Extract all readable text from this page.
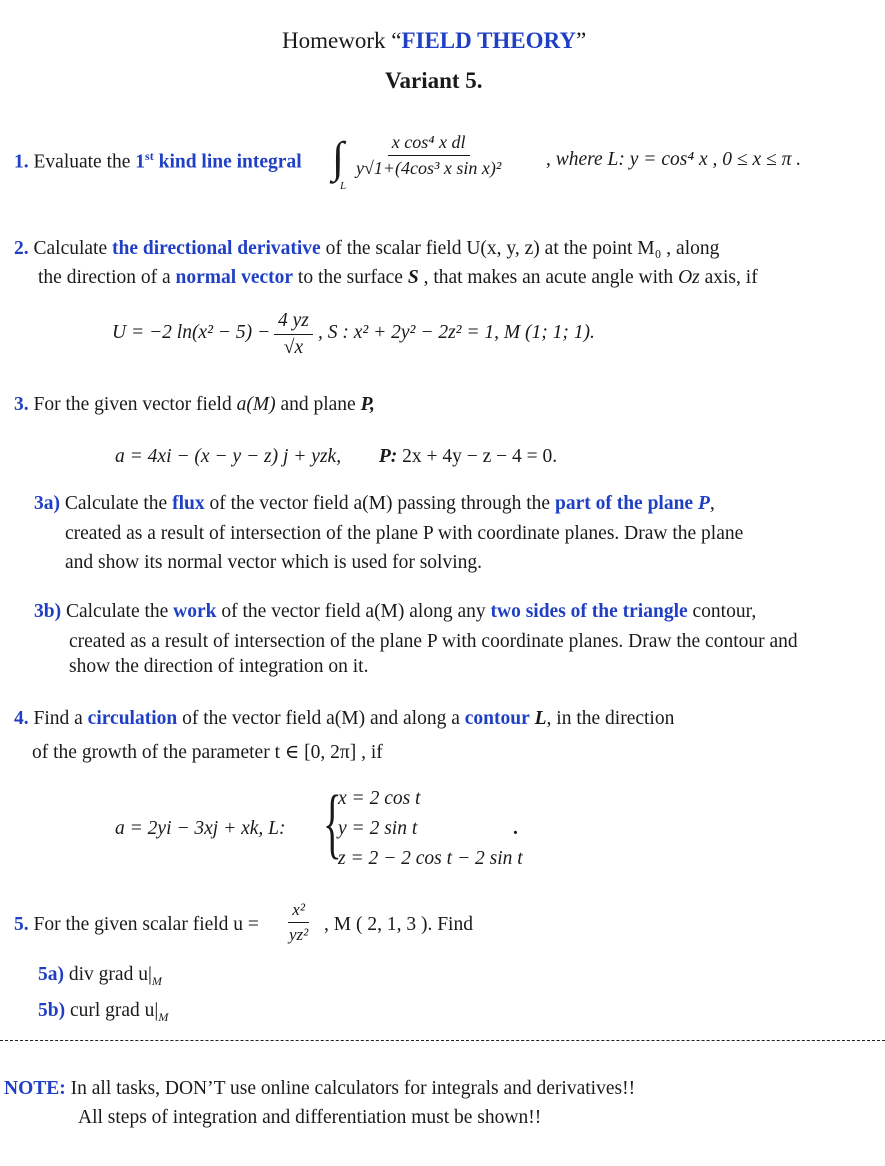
Homework “FIELD THEORY”
Variant 5.
1. Evaluate the 1st kind line integral ∫
L
$\frac{\text{x cos⁴ x dl}}{\text{y√1+(4cos³ x sin x)²}}$ , where L: y = cos⁴ x , 0 ≤ x ≤ π .
2. Calculate the directional derivative of the scalar field U(x, y, z) at the point M₀ , along
the direction of a normal vector to the surface S , that makes an acute angle with Oz axis, if
U = −2 $\ln(x^2 - 5) - \frac{4 yz}{√x}$ , S : x² + 2y² − 2z² = 1, M (1; 1; 1).
3. For the given vector field a(M) and plane P,
a = 4xi − (x − y − z) j + yzk, P: 2x + 4y − z − 4 = 0.
3a) Calculate the flux of the vector field a(M) passing through the part of the plane P,
created as a result of intersection of the plane P with coordinate planes. Draw the plane
and show its normal vector which is used for solving.
3b) Calculate the work of the vector field a(M) along any two sides of the triangle contour,
created as a result of intersection of the plane P with coordinate planes. Draw the contour and
show the direction of integration on it.
4. Find a circulation of the vector field a(M) and along a contour L, in the direction
of the growth of the parameter t ∈ [0, 2π] , if
a = 2yi − 3xj + xk, L: {
x = 2 cos t
y = 2 sin t
z = 2 − 2 cos t − 2 sin t
.
5. For the given scalar field $u = \frac{\text{x²}}{\text{yz²}}$ , M ( 2, 1, 3 ). Find
5a) div grad $u|_M$
5b) curl grad $u|_M$
NOTE: In all tasks, DON’T use online calculators for integrals and derivatives!!
All steps of integration and differentiation must be shown!!
